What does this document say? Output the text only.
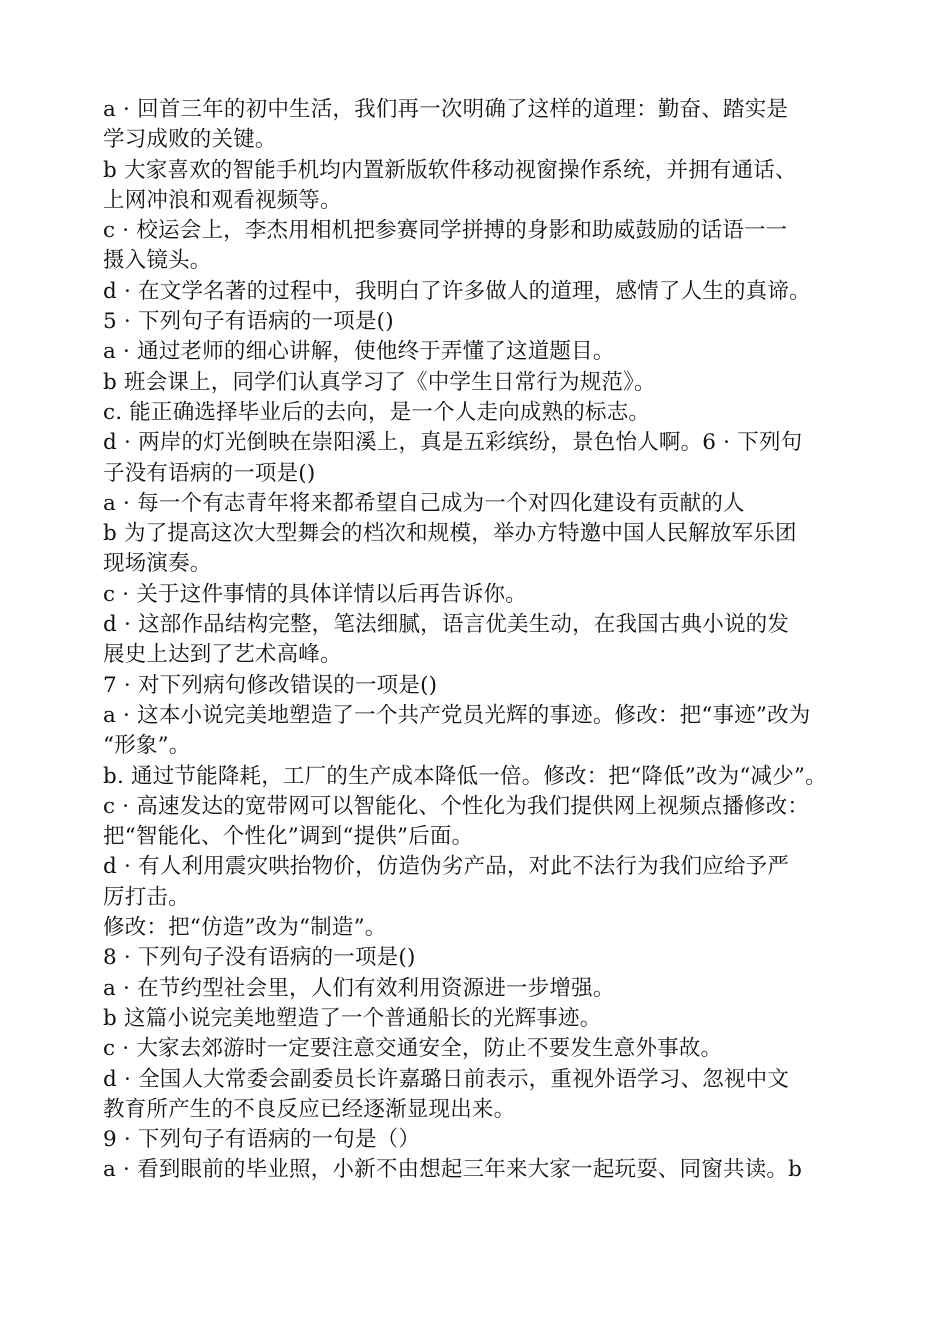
a · 回首三年的初中生活，我们再一次明确了这样的道理：勤奋、踏实是
学习成败的关键。
b 大家喜欢的智能手机均内置新版软件移动视窗操作系统，并拥有通话、
上网冲浪和观看视频等。
c · 校运会上，李杰用相机把参赛同学拼搏的身影和助威鼓励的话语一一
摄入镜头。
d · 在文学名著的过程中，我明白了许多做人的道理，感情了人生的真谛。
5 · 下列句子有语病的一项是()
a · 通过老师的细心讲解，使他终于弄懂了这道题目。
b 班会课上，同学们认真学习了《中学生日常行为规范》。
c. 能正确选择毕业后的去向，是一个人走向成熟的标志。
d · 两岸的灯光倒映在崇阳溪上，真是五彩缤纷，景色怡人啊。6 · 下列句
子没有语病的一项是()
a · 每一个有志青年将来都希望自己成为一个对四化建设有贡献的人
b 为了提高这次大型舞会的档次和规模，举办方特邀中国人民解放军乐团
现场演奏。
c · 关于这件事情的具体详情以后再告诉你。
d · 这部作品结构完整，笔法细腻，语言优美生动，在我国古典小说的发
展史上达到了艺术高峰。
7 · 对下列病句修改错误的一项是()
a · 这本小说完美地塑造了一个共产党员光辉的事迹。修改：把“事迹”改为
“形象”。
b. 通过节能降耗，工厂的生产成本降低一倍。修改：把“降低”改为“减少”。
c · 高速发达的宽带网可以智能化、个性化为我们提供网上视频点播修改：
把“智能化、个性化”调到“提供”后面。
d · 有人利用震灾哄抬物价，仿造伪劣产品，对此不法行为我们应给予严
厉打击。
修改：把“仿造”改为“制造”。
8 · 下列句子没有语病的一项是()
a · 在节约型社会里，人们有效利用资源进一步增强。
b 这篇小说完美地塑造了一个普通船长的光辉事迹。
c · 大家去郊游时一定要注意交通安全，防止不要发生意外事故。
d · 全国人大常委会副委员长许嘉璐日前表示，重视外语学习、忽视中文
教育所产生的不良反应已经逐渐显现出来。
9 · 下列句子有语病的一句是（）
a · 看到眼前的毕业照，小新不由想起三年来大家一起玩耍、同窗共读。b
